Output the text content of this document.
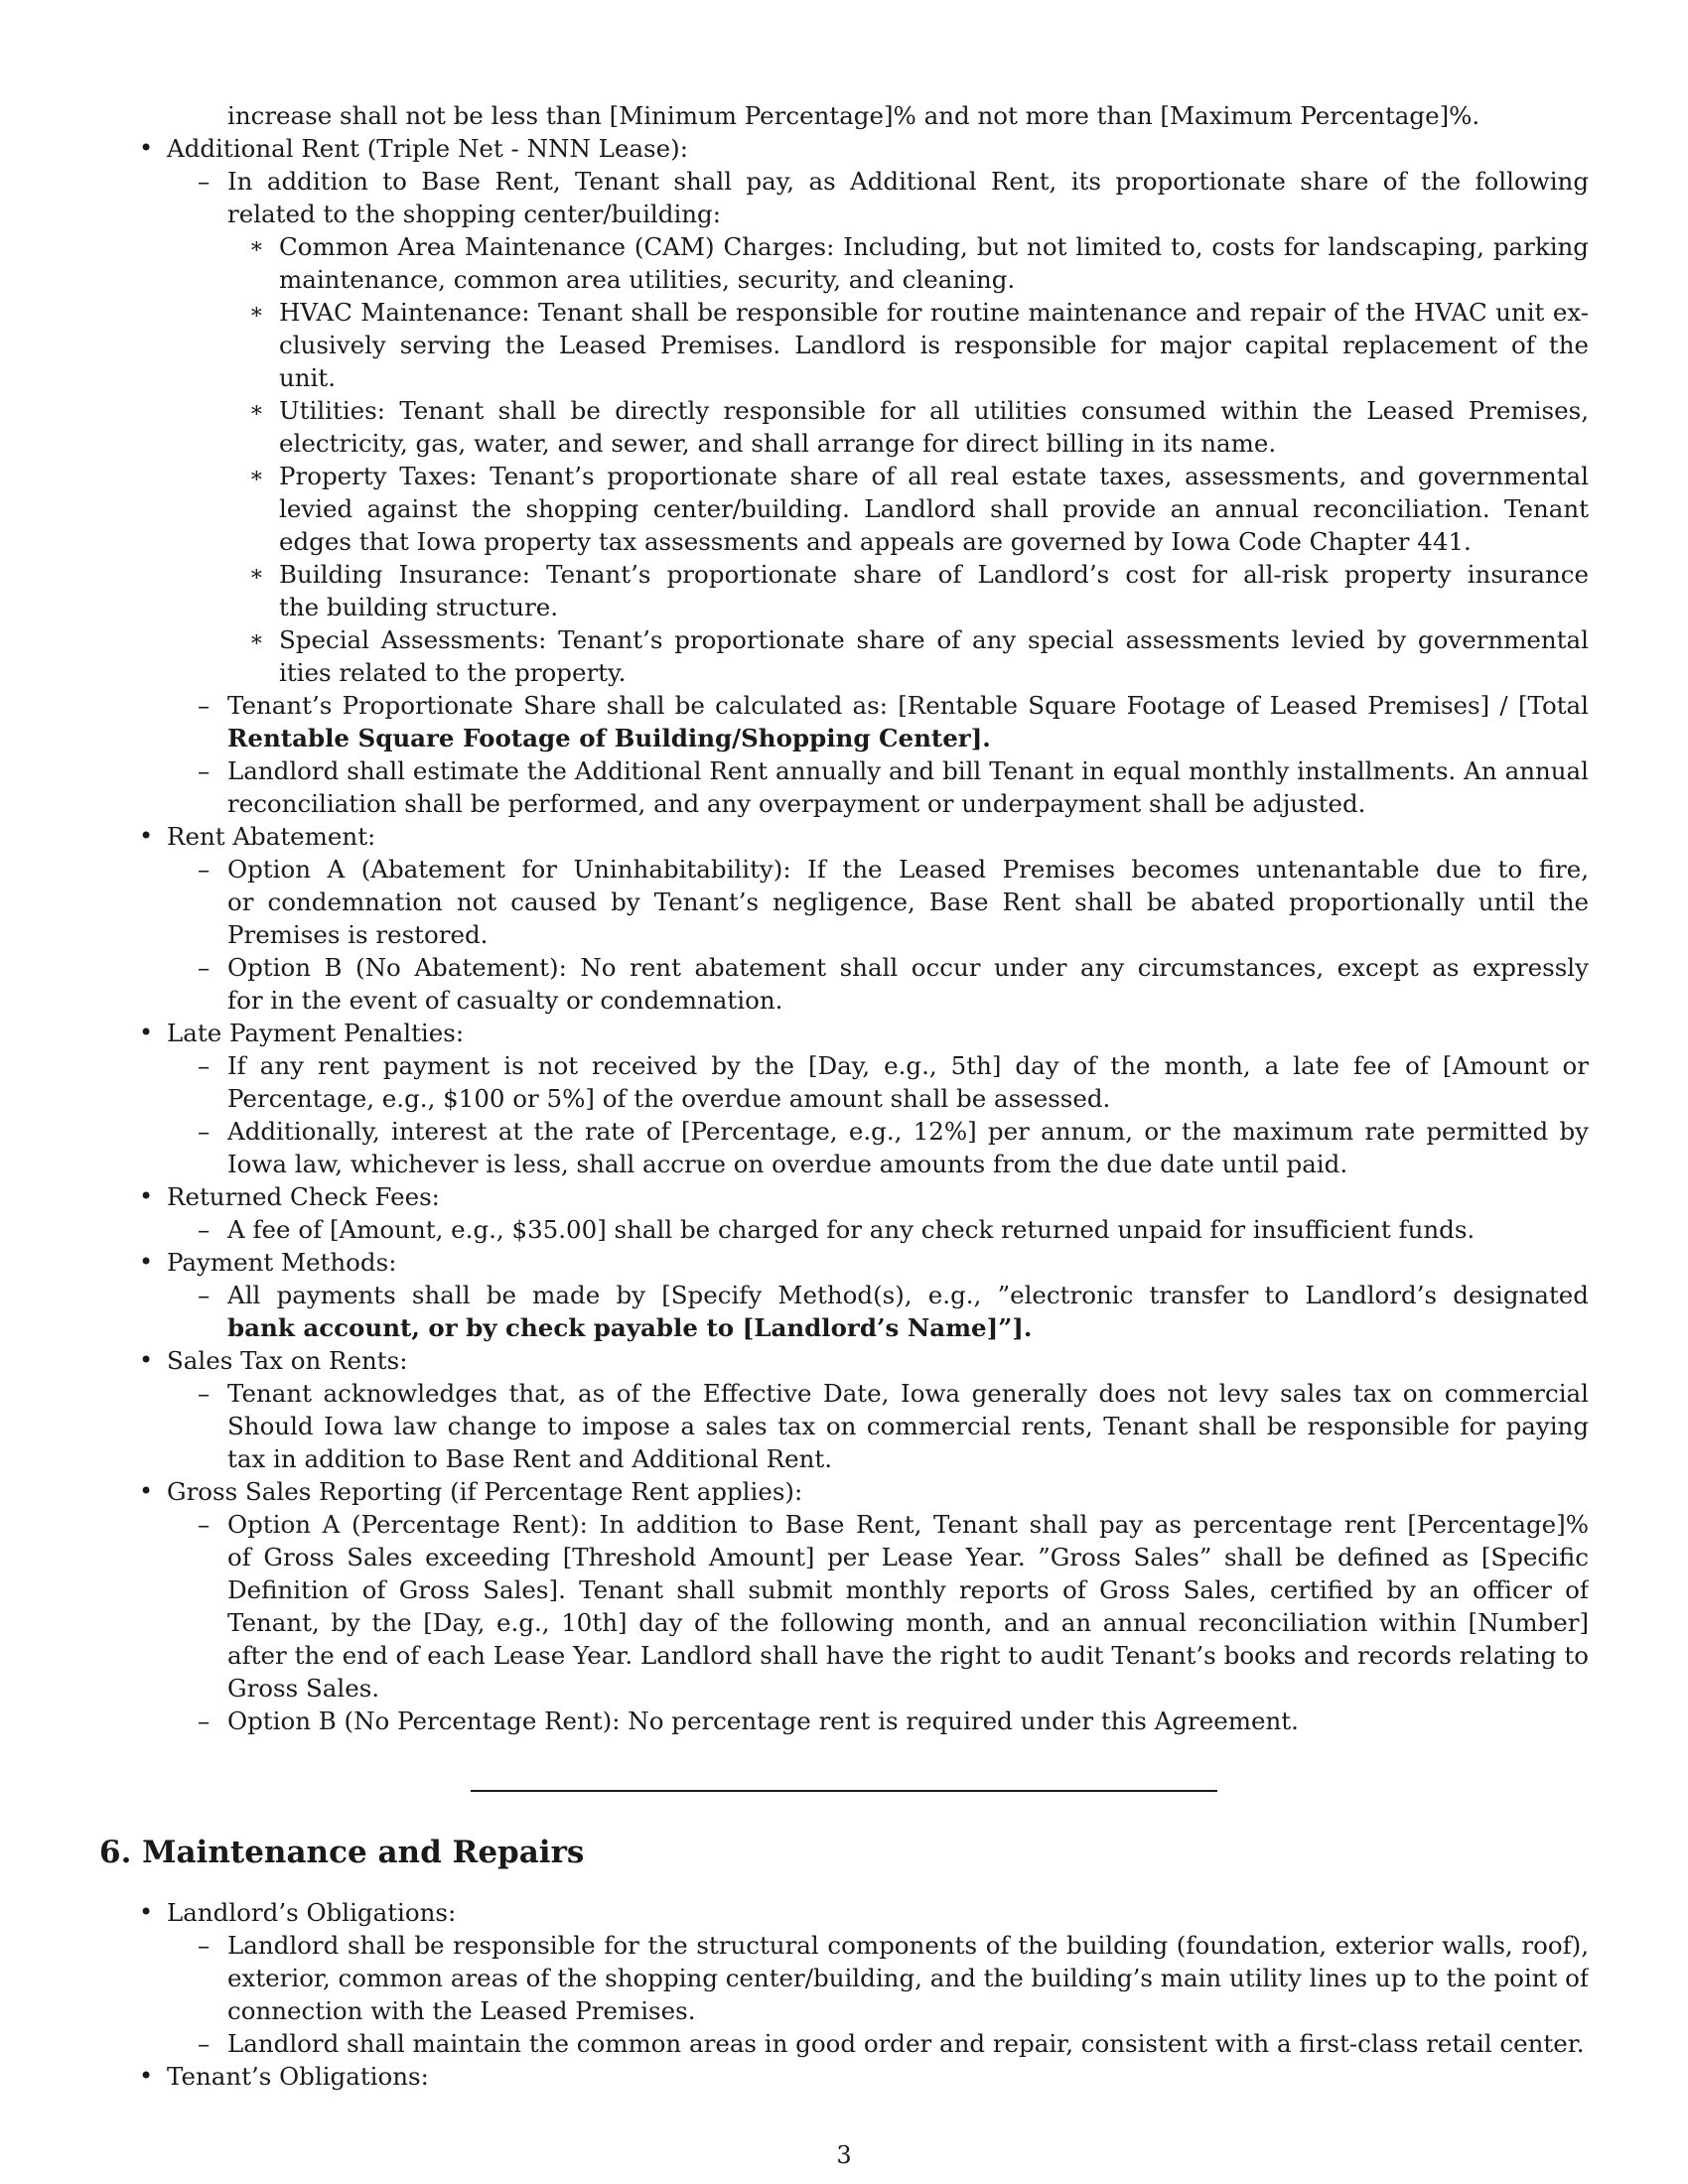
increase shall not be less than [Minimum Percentage]% and not more than [Maximum Percentage]%.
• Additional Rent (Triple Net - NNN Lease):
– In addition to Base Rent, Tenant shall pay, as Additional Rent, its proportionate share of the following
related to the shopping center/building:
∗ Common Area Maintenance (CAM) Charges: Including, but not limited to, costs for landscaping, parking
maintenance, common area utilities, security, and cleaning.
∗ HVAC Maintenance: Tenant shall be responsible for routine maintenance and repair of the HVAC unit ex-
clusively serving the Leased Premises. Landlord is responsible for major capital replacement of the
unit.
∗ Utilities: Tenant shall be directly responsible for all utilities consumed within the Leased Premises,
electricity, gas, water, and sewer, and shall arrange for direct billing in its name.
∗ Property Taxes: Tenant’s proportionate share of all real estate taxes, assessments, and governmental
levied against the shopping center/building. Landlord shall provide an annual reconciliation. Tenant
edges that Iowa property tax assessments and appeals are governed by Iowa Code Chapter 441.
∗ Building Insurance: Tenant’s proportionate share of Landlord’s cost for all-risk property insurance
the building structure.
∗ Special Assessments: Tenant’s proportionate share of any special assessments levied by governmental
ities related to the property.
– Tenant’s Proportionate Share shall be calculated as: [Rentable Square Footage of Leased Premises] / [Total
Rentable Square Footage of Building/Shopping Center].
– Landlord shall estimate the Additional Rent annually and bill Tenant in equal monthly installments. An annual
reconciliation shall be performed, and any overpayment or underpayment shall be adjusted.
• Rent Abatement:
– Option A (Abatement for Uninhabitability): If the Leased Premises becomes untenantable due to fire,
or condemnation not caused by Tenant’s negligence, Base Rent shall be abated proportionally until the
Premises is restored.
– Option B (No Abatement): No rent abatement shall occur under any circumstances, except as expressly
for in the event of casualty or condemnation.
• Late Payment Penalties:
– If any rent payment is not received by the [Day, e.g., 5th] day of the month, a late fee of [Amount or
Percentage, e.g., $100 or 5%] of the overdue amount shall be assessed.
– Additionally, interest at the rate of [Percentage, e.g., 12%] per annum, or the maximum rate permitted by
Iowa law, whichever is less, shall accrue on overdue amounts from the due date until paid.
• Returned Check Fees:
– A fee of [Amount, e.g., $35.00] shall be charged for any check returned unpaid for insufficient funds.
• Payment Methods:
– All payments shall be made by [Specify Method(s), e.g., ”electronic transfer to Landlord’s designated
bank account, or by check payable to [Landlord’s Name]”].
• Sales Tax on Rents:
– Tenant acknowledges that, as of the Effective Date, Iowa generally does not levy sales tax on commercial
Should Iowa law change to impose a sales tax on commercial rents, Tenant shall be responsible for paying
tax in addition to Base Rent and Additional Rent.
• Gross Sales Reporting (if Percentage Rent applies):
– Option A (Percentage Rent): In addition to Base Rent, Tenant shall pay as percentage rent [Percentage]%
of Gross Sales exceeding [Threshold Amount] per Lease Year. ”Gross Sales” shall be defined as [Specific
Definition of Gross Sales]. Tenant shall submit monthly reports of Gross Sales, certified by an officer of
Tenant, by the [Day, e.g., 10th] day of the following month, and an annual reconciliation within [Number]
after the end of each Lease Year. Landlord shall have the right to audit Tenant’s books and records relating to
Gross Sales.
– Option B (No Percentage Rent): No percentage rent is required under this Agreement.
6. Maintenance and Repairs
• Landlord’s Obligations:
– Landlord shall be responsible for the structural components of the building (foundation, exterior walls, roof),
exterior, common areas of the shopping center/building, and the building’s main utility lines up to the point of
connection with the Leased Premises.
– Landlord shall maintain the common areas in good order and repair, consistent with a first-class retail center.
• Tenant’s Obligations:
3
